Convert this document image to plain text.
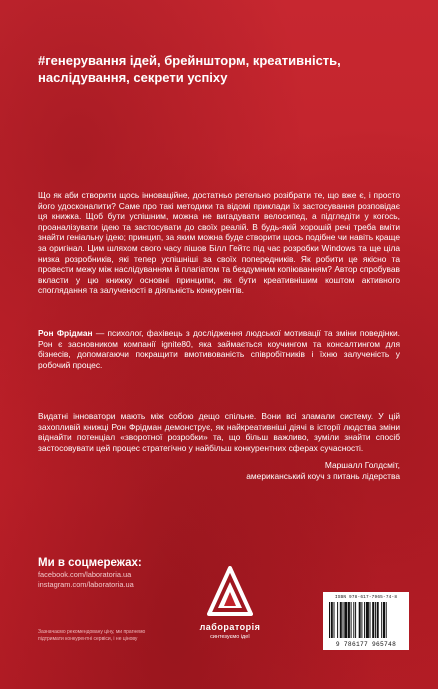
#генерування ідей, брейншторм, креативність, наслідування, секрети успіху
Що як аби створити щось інноваційне, достатньо ретельно розібрати те, що вже є, і просто його удосконалити? Саме про такі методики та відомі приклади їх застосування розповідає ця книжка. Щоб бути успішним, можна не вигадувати велосипед, а підгледіти у когось, проаналізувати ідею та застосувати до своїх реалій. В будь-якій хорошій речі треба вміти знайти геніальну ідею; принцип, за яким можна буде створити щось подібне чи навіть краще за оригінал. Цим шляхом свого часу пішов Білл Гейтс під час розробки Windows та ще ціла низка розробників, які тепер успішніші за своїх попередників. Як робити це якісно та провести межу між наслідуванням й плагіатом та бездумним копіюванням? Автор спробував вкласти у цю книжку основні принципи, як бути креативнішим коштом активного споглядання та залученості в діяльність конкурентів.
Рон Фрідман — психолог, фахівець з дослідження людської мотивації та зміни поведінки. Рон є засновником компанії ignite80, яка займається коучингом та консалтингом для бізнесів, допомагаючи покращити вмотивованість співробітників і їхню залученість у робочий процес.
Видатні інноватори мають між собою дещо спільне. Вони всі зламали систему. У цій захопливій книжці Рон Фрідман демонструє, як найкреативніші діячі в історії людства зміни віднайти потенціал «зворотної розробки» та, що більш важливо, зуміли знайти спосіб застосовувати цей процес стратегічно у найбільш конкурентних сферах сучасності.
Маршалл Голдсміт,
американський коуч з питань лідерства
Ми в соцмережах:
facebook.com/laboratoria.ua
instagram.com/laboratoria.ua
Зазначаємо рекомендовану ціну, ми прагнемо підтримати конкурентні сервіси, і не цінову
лабораторія
синтезуємо ідеї
ISBN 978-617-7965-74-8
9 786177 965748
